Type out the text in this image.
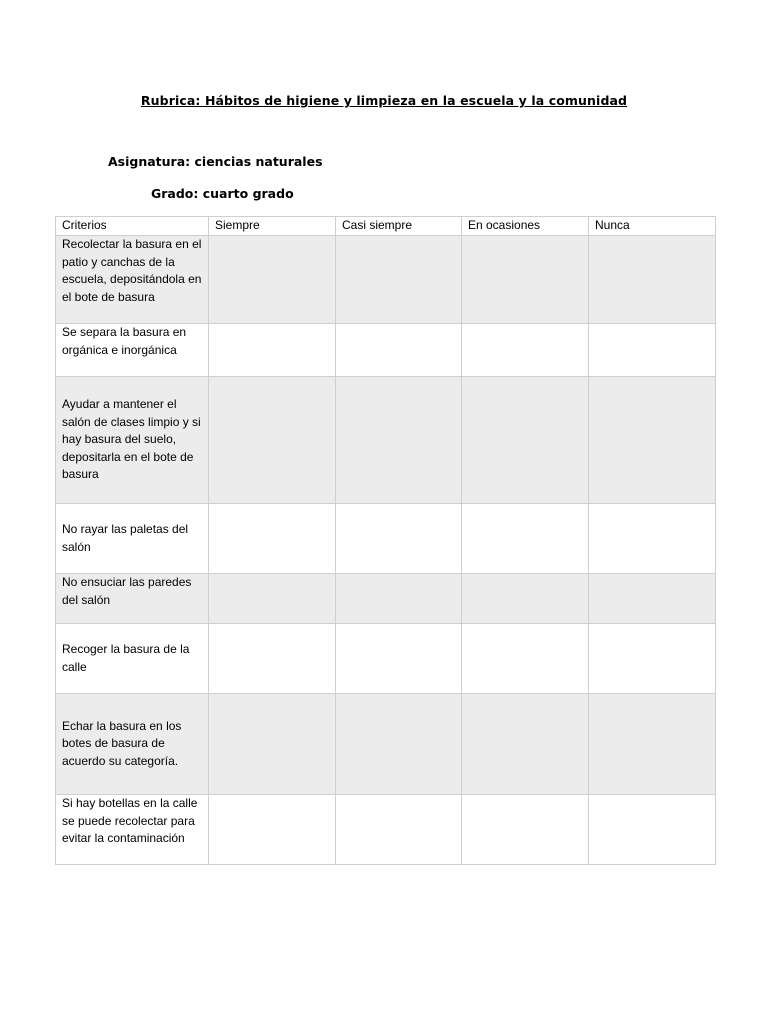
Rubrica: Hábitos de higiene y limpieza en la escuela y la comunidad
Asignatura: ciencias naturales
Grado: cuarto grado
Criterios	Siempre	Casi siempre	En ocasiones	Nunca
Recolectar la basura en el patio y canchas de la escuela, depositándola en el bote de basura				
Se separa la basura en orgánica e inorgánica				
Ayudar a mantener el salón de clases limpio y si hay basura del suelo, depositarla en el bote de basura				
No rayar las paletas del salón				
No ensuciar las paredes del salón				
Recoger la basura de la calle				
Echar la basura en los botes de basura de acuerdo su categoría.				
Si hay botellas en la calle se puede recolectar para evitar la contaminación				
